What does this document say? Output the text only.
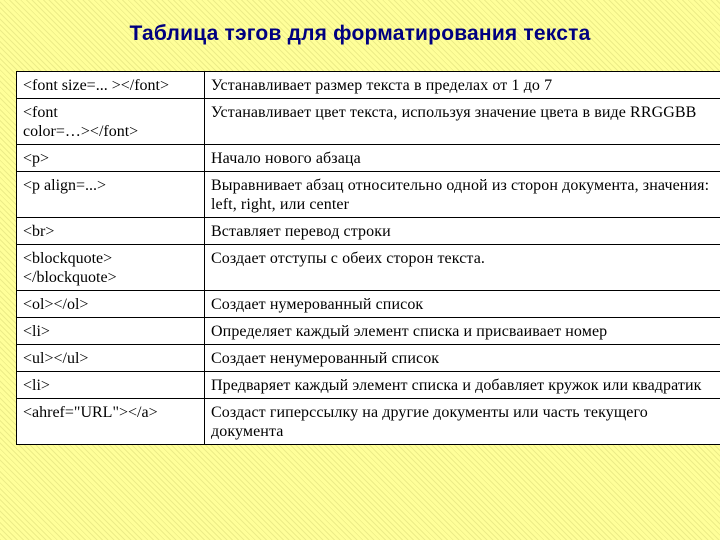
Таблица тэгов для форматирования текста
<font size=... ></font>	Устанавливает размер текста в пределах от 1 до 7
<font
color=…></font>	Устанавливает цвет текста, используя значение цвета в виде RRGGBB
<p>	Начало нового абзаца
<p align=...>	Выравнивает абзац относительно одной из сторон документа, значения: left, right, или center
<br>	Вставляет перевод строки
<blockquote>
</blockquote>	Создает отступы с обеих сторон текста.
<ol></ol>	Создает нумерованный список
<li>	Определяет каждый элемент списка и присваивает номер
<ul></ul>	Создает ненумерованный список
<li>	Предваряет каждый элемент списка и добавляет кружок или квадратик
<ahref="URL"></a>	Создаст гиперссылку на другие документы или часть текущего документа
